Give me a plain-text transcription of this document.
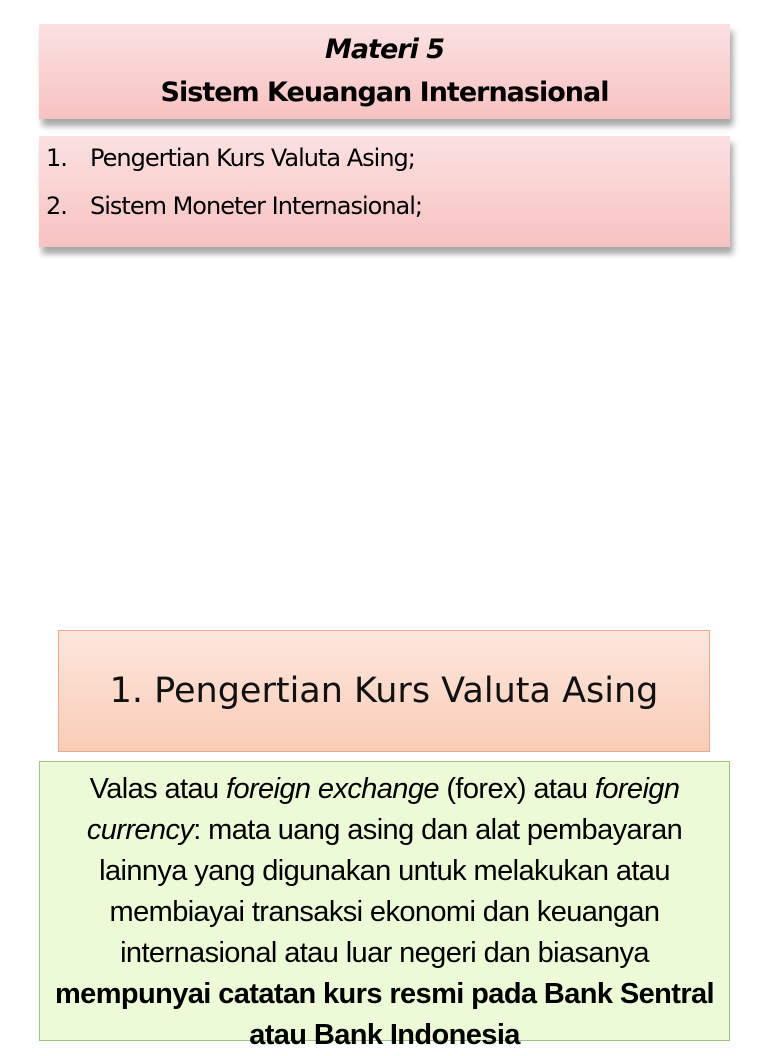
Materi 5
Sistem Keuangan Internasional
1. Pengertian Kurs Valuta Asing;
2. Sistem Moneter Internasional;
1. Pengertian Kurs Valuta Asing
Valas atau foreign exchange (forex) atau foreign currency: mata uang asing dan alat pembayaran lainnya yang digunakan untuk melakukan atau membiayai transaksi ekonomi dan keuangan internasional atau luar negeri dan biasanya mempunyai catatan kurs resmi pada Bank Sentral atau Bank Indonesia
